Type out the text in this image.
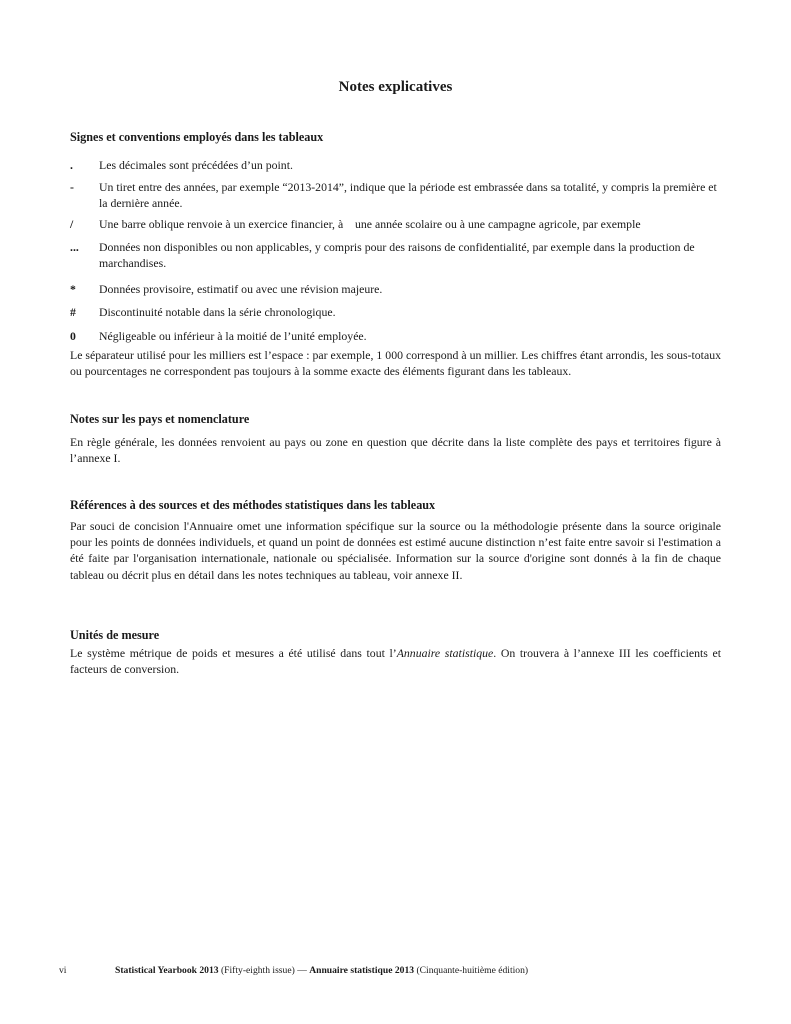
Notes explicatives
Signes et conventions employés dans les tableaux
.	Les décimales sont précédées d’un point.
-	Un tiret entre des années, par exemple “2013-2014”, indique que la période est embrassée dans sa totalité, y compris la première et la dernière année.
/	Une barre oblique renvoie à un exercice financier, à    une année scolaire ou à une campagne agricole, par exemple
...	Données non disponibles ou non applicables, y compris pour des raisons de confidentialité, par exemple dans la production de marchandises.
*	Données provisoire, estimatif ou avec une révision majeure.
#	Discontinuité notable dans la série chronologique.
0	Négligeable ou inférieur à la moitié de l’unité employée.

Le séparateur utilisé pour les milliers est l’espace : par exemple, 1 000 correspond à un millier. Les chiffres étant arrondis, les sous-totaux ou pourcentages ne correspondent pas toujours à la somme exacte des éléments figurant dans les tableaux.

Notes sur les pays et nomenclature

En règle générale, les données renvoient au pays ou zone en question que décrite dans la liste complète des pays et territoires figure à l’annexe I.

Références à des sources et des méthodes statistiques dans les tableaux

Par souci de concision l'Annuaire omet une information spécifique sur la source ou la méthodologie présente dans la source originale pour les points de données individuels, et quand un point de données est estimé aucune distinction n’est faite entre savoir si l'estimation a été faite par l'organisation internationale, nationale ou spécialisée. Information sur la source d'origine sont donnés à la fin de chaque tableau ou décrit plus en détail dans les notes techniques au tableau, voir annexe II.

Unités de mesure

Le système métrique de poids et mesures a été utilisé dans tout l’Annuaire statistique. On trouvera à l’annexe III les coefficients et facteurs de conversion.

vi	Statistical Yearbook 2013 (Fifty-eighth issue) — Annuaire statistique 2013 (Cinquante-huitième édition)
